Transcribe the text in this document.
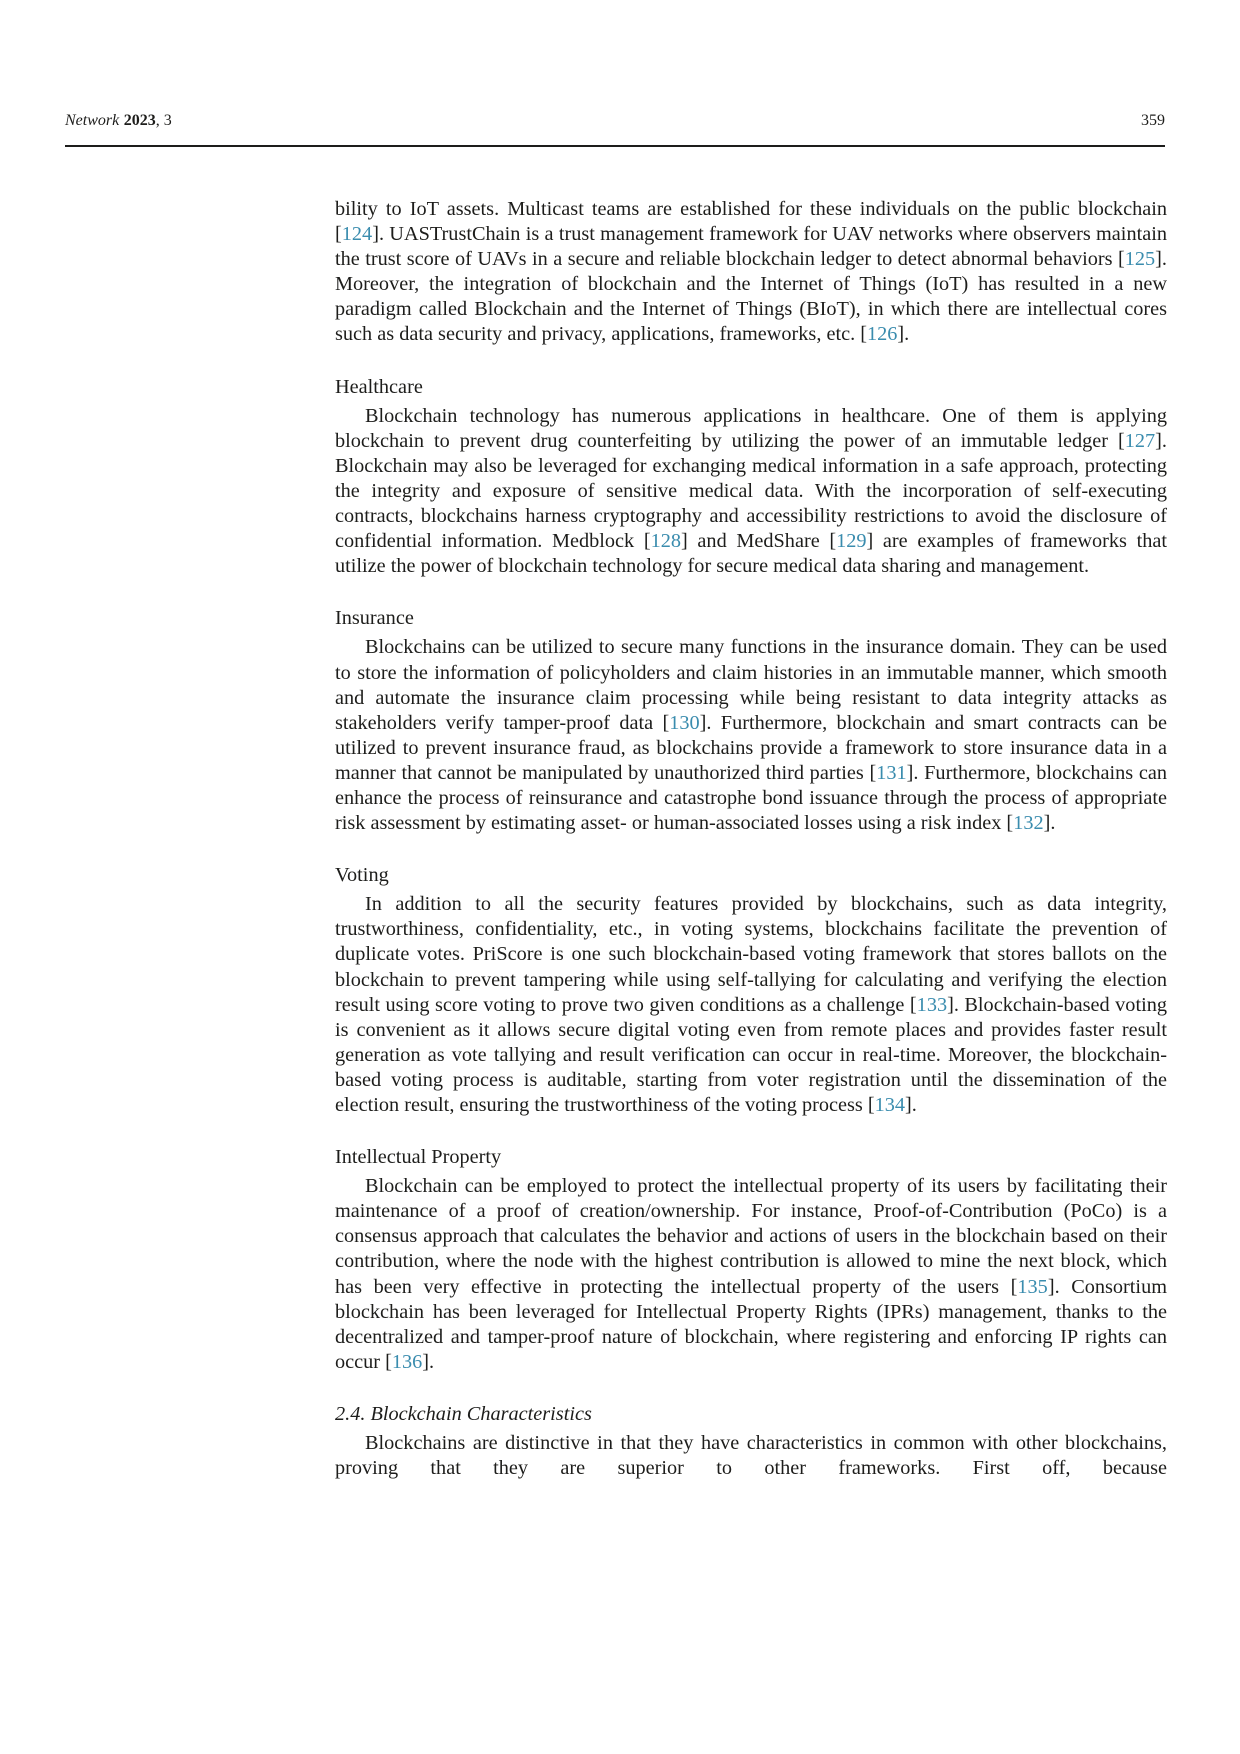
Network 2023, 3	359

bility to IoT assets. Multicast teams are established for these individuals on the public blockchain [124]. UASTrustChain is a trust management framework for UAV networks where observers maintain the trust score of UAVs in a secure and reliable blockchain ledger to detect abnormal behaviors [125]. Moreover, the integration of blockchain and the Internet of Things (IoT) has resulted in a new paradigm called Blockchain and the Internet of Things (BIoT), in which there are intellectual cores such as data security and privacy, applications, frameworks, etc. [126].

Healthcare

Blockchain technology has numerous applications in healthcare. One of them is applying blockchain to prevent drug counterfeiting by utilizing the power of an immutable ledger [127]. Blockchain may also be leveraged for exchanging medical information in a safe approach, protecting the integrity and exposure of sensitive medical data. With the incorporation of self-executing contracts, blockchains harness cryptography and accessibility restrictions to avoid the disclosure of confidential information. Medblock [128] and MedShare [129] are examples of frameworks that utilize the power of blockchain technology for secure medical data sharing and management.

Insurance

Blockchains can be utilized to secure many functions in the insurance domain. They can be used to store the information of policyholders and claim histories in an immutable manner, which smooth and automate the insurance claim processing while being resistant to data integrity attacks as stakeholders verify tamper-proof data [130]. Furthermore, blockchain and smart contracts can be utilized to prevent insurance fraud, as blockchains provide a framework to store insurance data in a manner that cannot be manipulated by unauthorized third parties [131]. Furthermore, blockchains can enhance the process of reinsurance and catastrophe bond issuance through the process of appropriate risk assessment by estimating asset- or human-associated losses using a risk index [132].

Voting

In addition to all the security features provided by blockchains, such as data integrity, trustworthiness, confidentiality, etc., in voting systems, blockchains facilitate the prevention of duplicate votes. PriScore is one such blockchain-based voting framework that stores ballots on the blockchain to prevent tampering while using self-tallying for calculating and verifying the election result using score voting to prove two given conditions as a challenge [133]. Blockchain-based voting is convenient as it allows secure digital voting even from remote places and provides faster result generation as vote tallying and result verification can occur in real-time. Moreover, the blockchain-based voting process is auditable, starting from voter registration until the dissemination of the election result, ensuring the trustworthiness of the voting process [134].

Intellectual Property

Blockchain can be employed to protect the intellectual property of its users by facilitating their maintenance of a proof of creation/ownership. For instance, Proof-of-Contribution (PoCo) is a consensus approach that calculates the behavior and actions of users in the blockchain based on their contribution, where the node with the highest contribution is allowed to mine the next block, which has been very effective in protecting the intellectual property of the users [135]. Consortium blockchain has been leveraged for Intellectual Property Rights (IPRs) management, thanks to the decentralized and tamper-proof nature of blockchain, where registering and enforcing IP rights can occur [136].

2.4. Blockchain Characteristics

Blockchains are distinctive in that they have characteristics in common with other blockchains, proving that they are superior to other frameworks. First off, because
